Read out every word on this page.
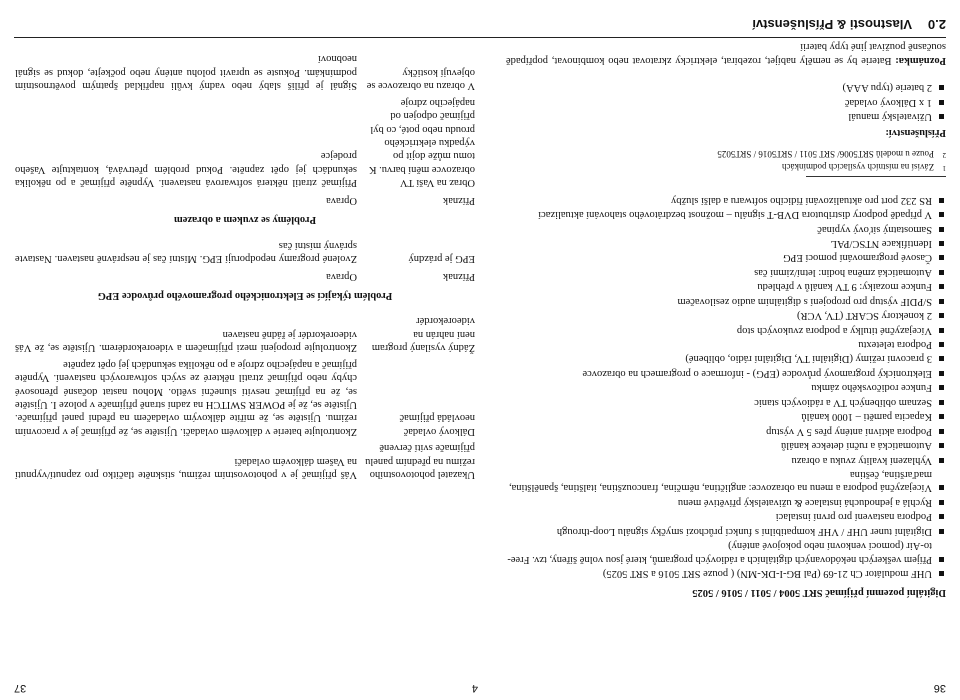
36
4
37
2.0Vlastnosti & Příslušenství
Digitální pozemní přijímač SRT 5004 / 5011 / 5016 / 5025
UHF modulátor Ch 21-69 (Pal BG-I-DK-MN) ( pouze SRT 5016 a SRT 5025)
Příjem veškerých nekódovaných digitálních a rádiových programů, které jsou volně šířeny, tzv. Free-to-Air (pomocí venkovní nebo pokojové antény)
Digitální tuner UHF / VHF kompatibilní s funkcí průchozí smyčky signálu Loop-through
Podpora nastavení pro první instalaci
Rychlá a jednoduchá instalace & uživatelský přívětivé menu
Vícejazyčná podpora a menu na obrazovce: angličtina, němčina, francouzština, italština, španělština, maďarština, čeština
Vyhlazení kvality zvuku a obrazu
Automatická a ruční detekce kanálů
Podpora aktivní antény přes 5 V výstup
Kapacita paměti – 1000 kanálů
Seznam oblíbených TV a rádiových stanic
Funkce rodičovského zámku
Elektronický programový průvodce (EPG) - informace o programech na obrazovce
3 pracovní režimy (Digitální TV, Digitální rádio, oblíbené)
Podpora teletextu
Vícejazyčné titulky a podpora zvukových stop
2 konektory SCART (TV, VCR)
S/PDIF výstup pro propojení s digitálním audio zesilovačem
Funkce mozaiky: 9 TV kanálů v přehledu
Automatická změna hodin: letní/zimní čas
Časové programování pomocí EPG
Identifikace NTSC/PAL
Samostatný síťový vypínač
V případě podpory distributora DVB-T signálu – možnost bezdrátového stahování aktualizací
RS 232 port pro aktualizování řídicího softwaru a další služby
1Závisí na místních vysílacích podmínkách
2Pouze u modelů SRT5006/ SRT 5011 / SRT5016 / SRT5025
Příslušenství:
Uživatelský manuál
1 x Dálkový ovladač
2 baterie (typu AAA)
Poznámka: Baterie by se neměly nabíjet, rozebírat, elektricky zkratovat nebo kombinovat, popřípadě současně používat jiné typy baterií
Ukazatel pohotovostního režimu na předním panelu přijímače svítí červeně
Váš přijímač je v pohotovostním režimu, stiskněte tlačítko pro zapnutí/vypnutí na Vašem dálkovém ovladači
Dálkový ovladač neovládá přijímač
Zkontrolujte baterie v dálkovém ovladači. Ujistěte se, že přijímač je v pracovním režimu. Ujistěte se, že míříte dálkovým ovladačem na přední panel přijímače. Ujistěte se, že je POWER SWITCH na zadní straně přijímače v poloze I. Ujistěte se, že na přijímač nesvítí sluneční světlo. Mohou nastat dočasné přenosové chyby nebo přijímač ztratil některé ze svých softwarových nastavení. Vypněte přijímač a napájecího zdroje a po několika sekundách jej opět zapněte
Žádný vysílaný program není nahrán na videorekordér
Zkontrolujte propojení mezi přijímačem a videorekordérem. Ujistěte se, že Váš videorekordér je řádně nastaven
Problém týkající se Elektronického programového průvodce EPG
Příznak
Oprava
EPG je prázdný
Zvolené programy nepodporují EPG. Místní čas je nesprávně nastaven. Nastavte správný místní čas
Problémy se zvukem a obrazem
Příznak
Oprava
Obraz na Vaší TV obrazovce mění barvu. K tomu může dojít po výpadku elektrického proudu nebo poté, co byl přijímač odpojen od napájecího zdroje
Přijímač ztratil některá softwarová nastavení. Vypněte přijímač a po několika sekundách jej opět zapněte. Pokud problém přetrvává, kontaktujte Vašeho prodejce
V obrazu na obrazovce se objevují kostičky
Signál je příliš slabý nebo vadný kvůli například špatným povětrnostním podmínkám. Pokuste se upravit polohu antény nebo počkejte, dokud se signál neobnoví
